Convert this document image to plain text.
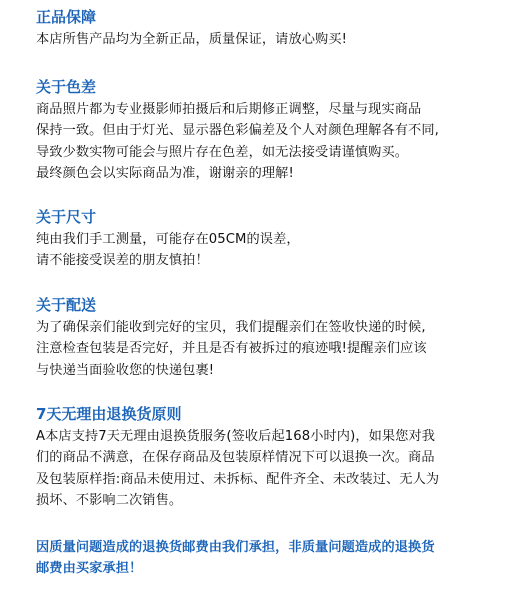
正品保障
本店所售产品均为全新正品，质量保证，请放心购买!
关于色差
商品照片都为专业摄影师拍摄后和后期修正调整，尽量与现实商品
保持一致。但由于灯光、显示器色彩偏差及个人对颜色理解各有不同,
导致少数实物可能会与照片存在色差，如无法接受请谨慎购买。
最终颜色会以实际商品为准，谢谢亲的理解!
关于尺寸
纯由我们手工测量，可能存在05CM的误差，
请不能接受误差的朋友慎拍！
关于配送
为了确保亲们能收到完好的宝贝，我们提醒亲们在签收快递的时候,
注意检查包装是否完好，并且是否有被拆过的痕迹哦!提醒亲们应该
与快递当面验收您的快递包裹!
7天无理由退换货原则
A本店支持7天无理由退换货服务(签收后起168小时内)，如果您对我
们的商品不满意，在保存商品及包装原样情况下可以退换一次。商品
及包装原样指:商品未使用过、未拆标、配件齐全、未改装过、无人为
损坏、不影响二次销售。
因质量问题造成的退换货邮费由我们承担，非质量问题造成的退换货
邮费由买家承担！
